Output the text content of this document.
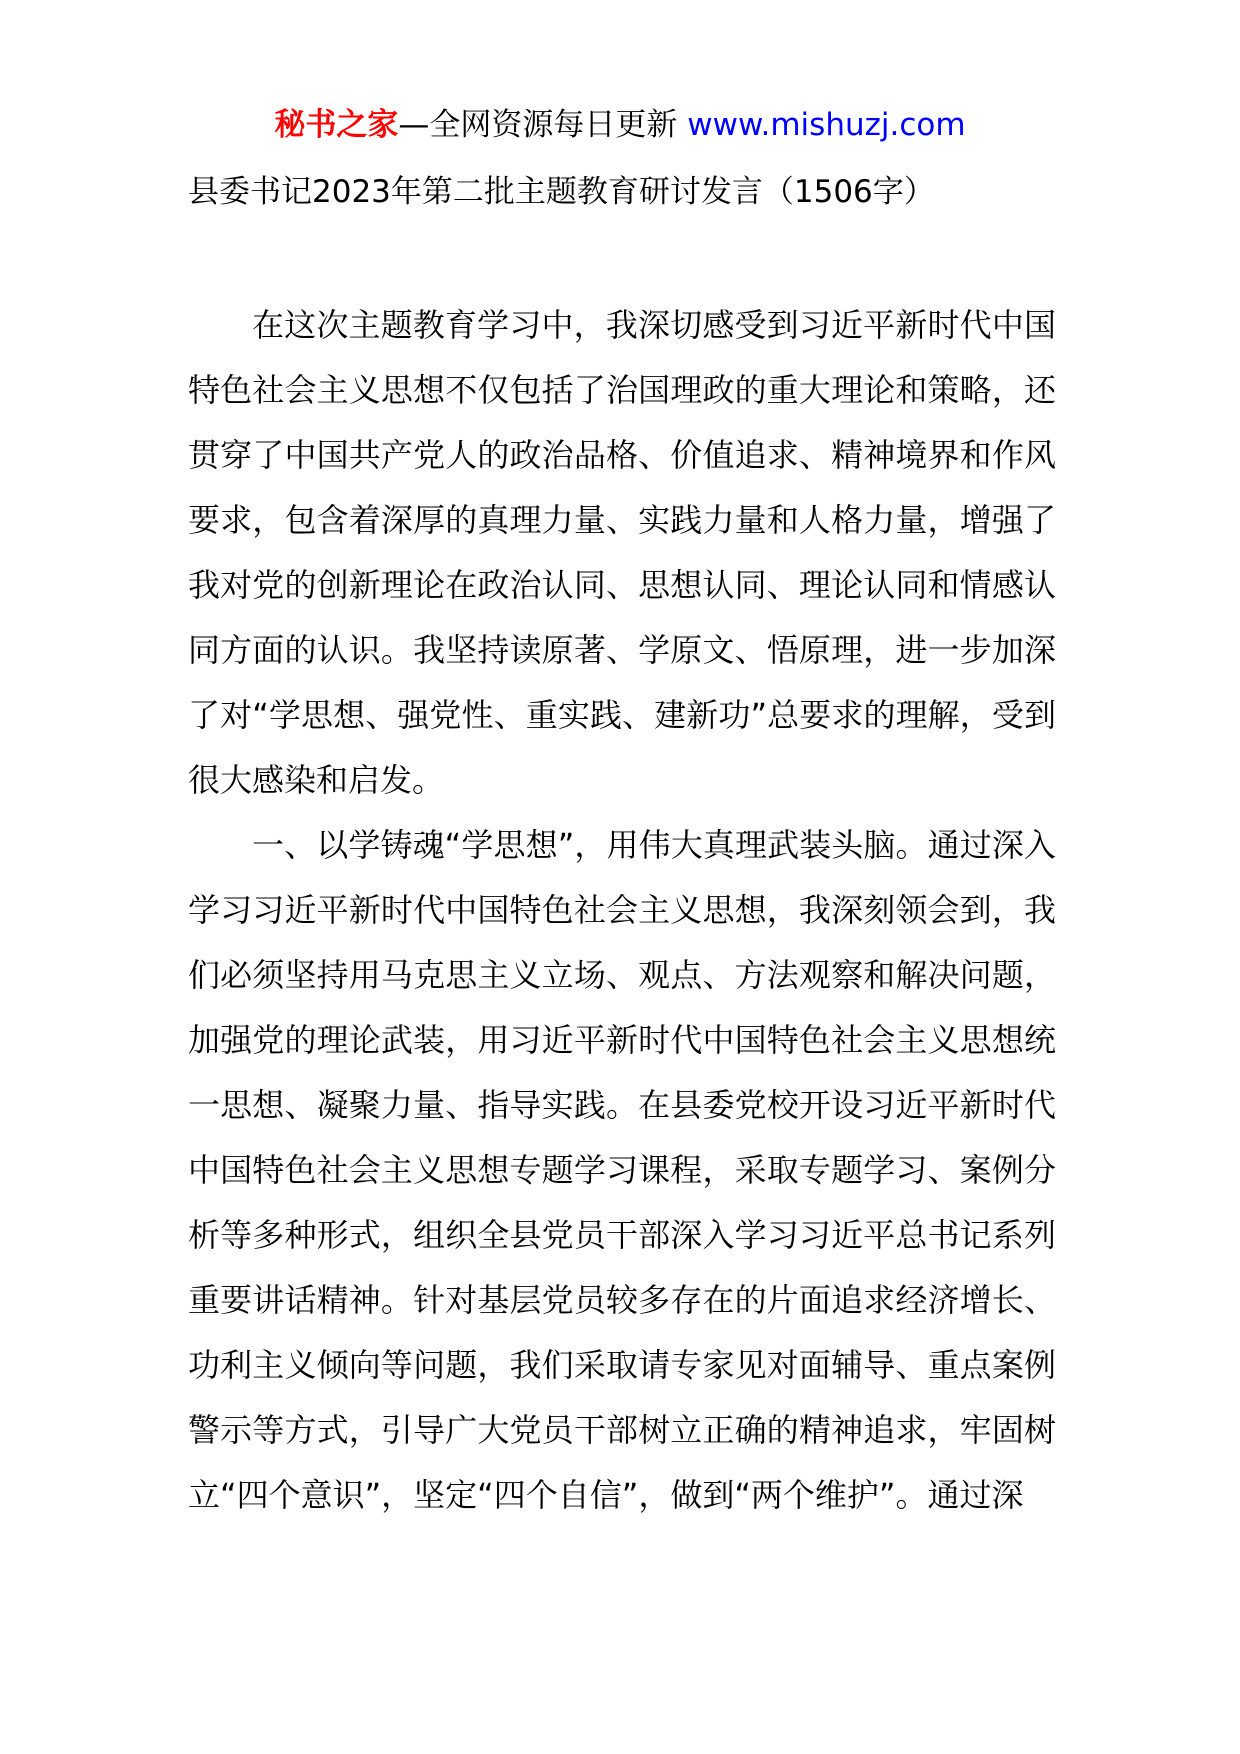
秘书之家—全网资源每日更新 www.mishuzj.com
县委书记2023年第二批主题教育研讨发言（1506字）

在这次主题教育学习中，我深切感受到习近平新时代中国特色社会主义思想不仅包括了治国理政的重大理论和策略，还贯穿了中国共产党人的政治品格、价值追求、精神境界和作风要求，包含着深厚的真理力量、实践力量和人格力量，增强了我对党的创新理论在政治认同、思想认同、理论认同和情感认同方面的认识。我坚持读原著、学原文、悟原理，进一步加深了对“学思想、强党性、重实践、建新功”总要求的理解，受到很大感染和启发。

一、以学铸魂“学思想”，用伟大真理武装头脑。通过深入学习习近平新时代中国特色社会主义思想，我深刻领会到，我们必须坚持用马克思主义立场、观点、方法观察和解决问题，加强党的理论武装，用习近平新时代中国特色社会主义思想统一思想、凝聚力量、指导实践。在县委党校开设习近平新时代中国特色社会主义思想专题学习课程，采取专题学习、案例分析等多种形式，组织全县党员干部深入学习习近平总书记系列重要讲话精神。针对基层党员较多存在的片面追求经济增长、功利主义倾向等问题，我们采取请专家见对面辅导、重点案例警示等方式，引导广大党员干部树立正确的精神追求，牢固树立“四个意识”，坚定“四个自信”，做到“两个维护”。通过深
